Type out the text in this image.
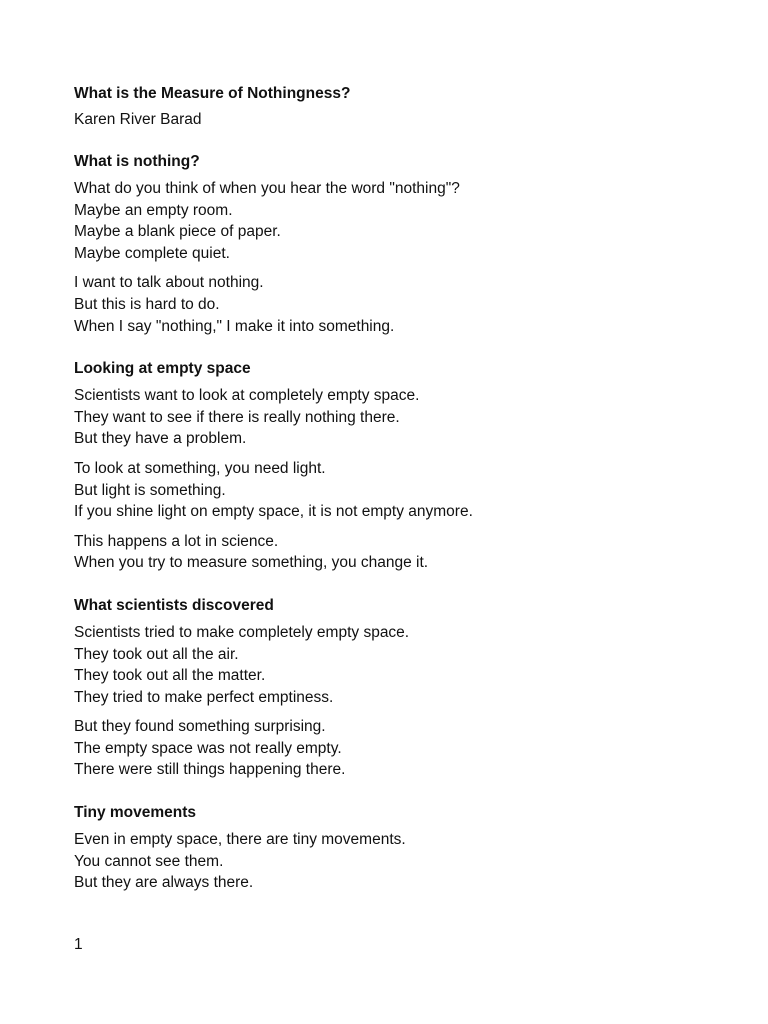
What is the Measure of Nothingness?

Karen River Barad

What is nothing?

What do you think of when you hear the word "nothing"?
Maybe an empty room.
Maybe a blank piece of paper.
Maybe complete quiet.

I want to talk about nothing.
But this is hard to do.
When I say "nothing," I make it into something.

Looking at empty space

Scientists want to look at completely empty space.
They want to see if there is really nothing there.
But they have a problem.

To look at something, you need light.
But light is something.
If you shine light on empty space, it is not empty anymore.

This happens a lot in science.
When you try to measure something, you change it.

What scientists discovered

Scientists tried to make completely empty space.
They took out all the air.
They took out all the matter.
They tried to make perfect emptiness.

But they found something surprising.
The empty space was not really empty.
There were still things happening there.

Tiny movements

Even in empty space, there are tiny movements.
You cannot see them.
But they are always there.

1
